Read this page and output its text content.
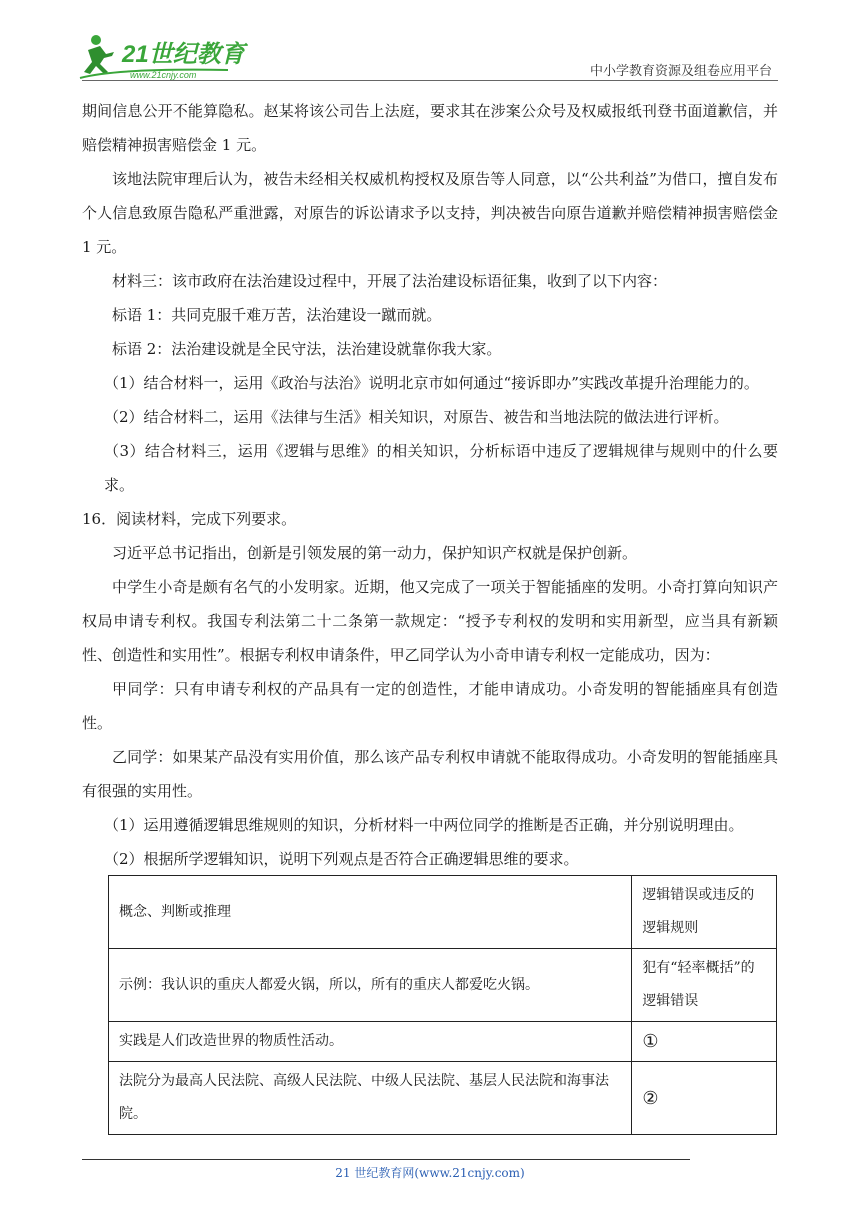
21世纪教育
www.21cnjy.com	中小学教育资源及组卷应用平台

期间信息公开不能算隐私。赵某将该公司告上法庭，要求其在涉案公众号及权威报纸刊登书面道歉信，并赔偿精神损害赔偿金 1 元。

该地法院审理后认为，被告未经相关权威机构授权及原告等人同意，以“公共利益”为借口，擅自发布个人信息致原告隐私严重泄露，对原告的诉讼请求予以支持，判决被告向原告道歉并赔偿精神损害赔偿金 1 元。

材料三：该市政府在法治建设过程中，开展了法治建设标语征集，收到了以下内容：

标语 1：共同克服千难万苦，法治建设一蹴而就。

标语 2：法治建设就是全民守法，法治建设就靠你我大家。

（1）结合材料一，运用《政治与法治》说明北京市如何通过“接诉即办”实践改革提升治理能力的。

（2）结合材料二，运用《法律与生活》相关知识，对原告、被告和当地法院的做法进行评析。

（3）结合材料三，运用《逻辑与思维》的相关知识，分析标语中违反了逻辑规律与规则中的什么要求。

16．阅读材料，完成下列要求。

习近平总书记指出，创新是引领发展的第一动力，保护知识产权就是保护创新。

中学生小奇是颇有名气的小发明家。近期，他又完成了一项关于智能插座的发明。小奇打算向知识产权局申请专利权。我国专利法第二十二条第一款规定：“授予专利权的发明和实用新型，应当具有新颖性、创造性和实用性”。根据专利权申请条件，甲乙同学认为小奇申请专利权一定能成功，因为：

甲同学：只有申请专利权的产品具有一定的创造性，才能申请成功。小奇发明的智能插座具有创造性。

乙同学：如果某产品没有实用价值，那么该产品专利权申请就不能取得成功。小奇发明的智能插座具有很强的实用性。

（1）运用遵循逻辑思维规则的知识，分析材料一中两位同学的推断是否正确，并分别说明理由。

（2）根据所学逻辑知识，说明下列观点是否符合正确逻辑思维的要求。

概念、判断或推理	逻辑错误或违反的逻辑规则
示例：我认识的重庆人都爱火锅，所以，所有的重庆人都爱吃火锅。	犯有“轻率概括”的逻辑错误
实践是人们改造世界的物质性活动。	①
法院分为最高人民法院、高级人民法院、中级人民法院、基层人民法院和海事法院。	②
21 世纪教育网(www.21cnjy.com)
